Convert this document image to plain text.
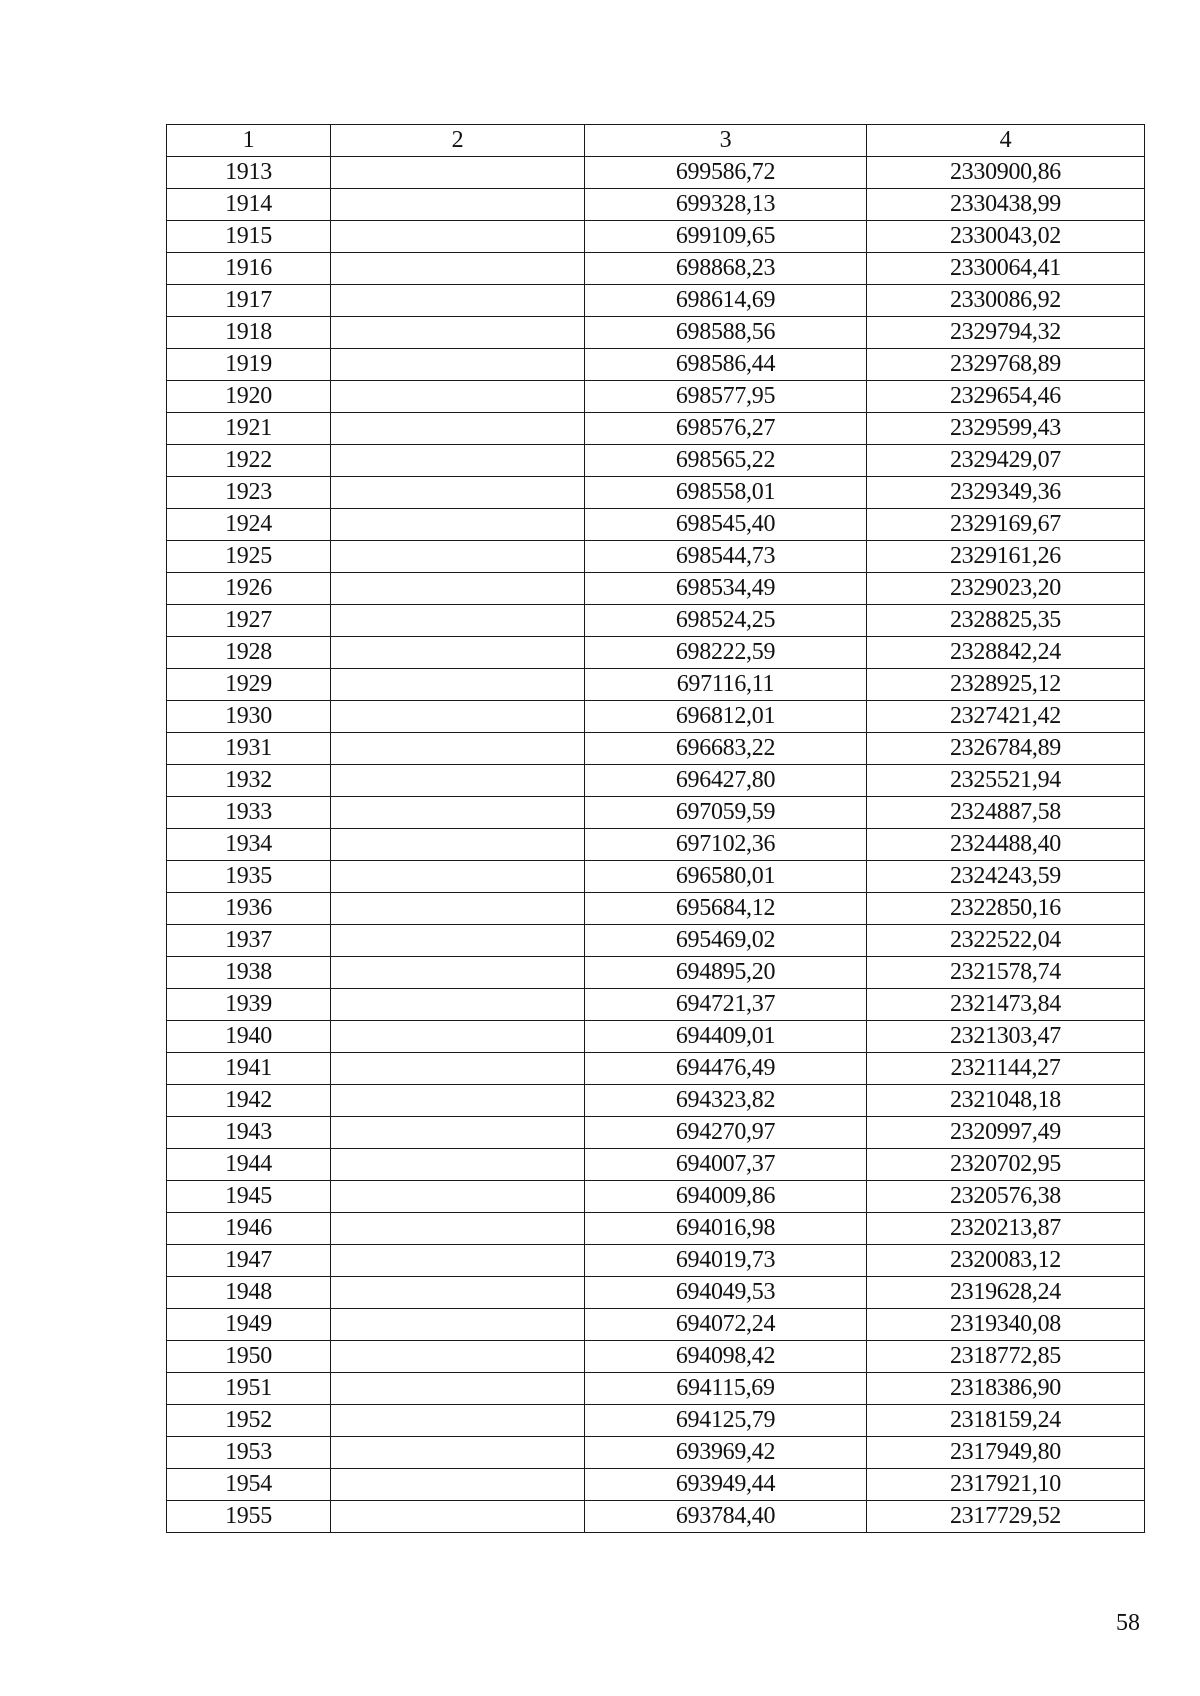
1	2	3	4
1913		699586,72	2330900,86
1914		699328,13	2330438,99
1915		699109,65	2330043,02
1916		698868,23	2330064,41
1917		698614,69	2330086,92
1918		698588,56	2329794,32
1919		698586,44	2329768,89
1920		698577,95	2329654,46
1921		698576,27	2329599,43
1922		698565,22	2329429,07
1923		698558,01	2329349,36
1924		698545,40	2329169,67
1925		698544,73	2329161,26
1926		698534,49	2329023,20
1927		698524,25	2328825,35
1928		698222,59	2328842,24
1929		697116,11	2328925,12
1930		696812,01	2327421,42
1931		696683,22	2326784,89
1932		696427,80	2325521,94
1933		697059,59	2324887,58
1934		697102,36	2324488,40
1935		696580,01	2324243,59
1936		695684,12	2322850,16
1937		695469,02	2322522,04
1938		694895,20	2321578,74
1939		694721,37	2321473,84
1940		694409,01	2321303,47
1941		694476,49	2321144,27
1942		694323,82	2321048,18
1943		694270,97	2320997,49
1944		694007,37	2320702,95
1945		694009,86	2320576,38
1946		694016,98	2320213,87
1947		694019,73	2320083,12
1948		694049,53	2319628,24
1949		694072,24	2319340,08
1950		694098,42	2318772,85
1951		694115,69	2318386,90
1952		694125,79	2318159,24
1953		693969,42	2317949,80
1954		693949,44	2317921,10
1955		693784,40	2317729,52
58
